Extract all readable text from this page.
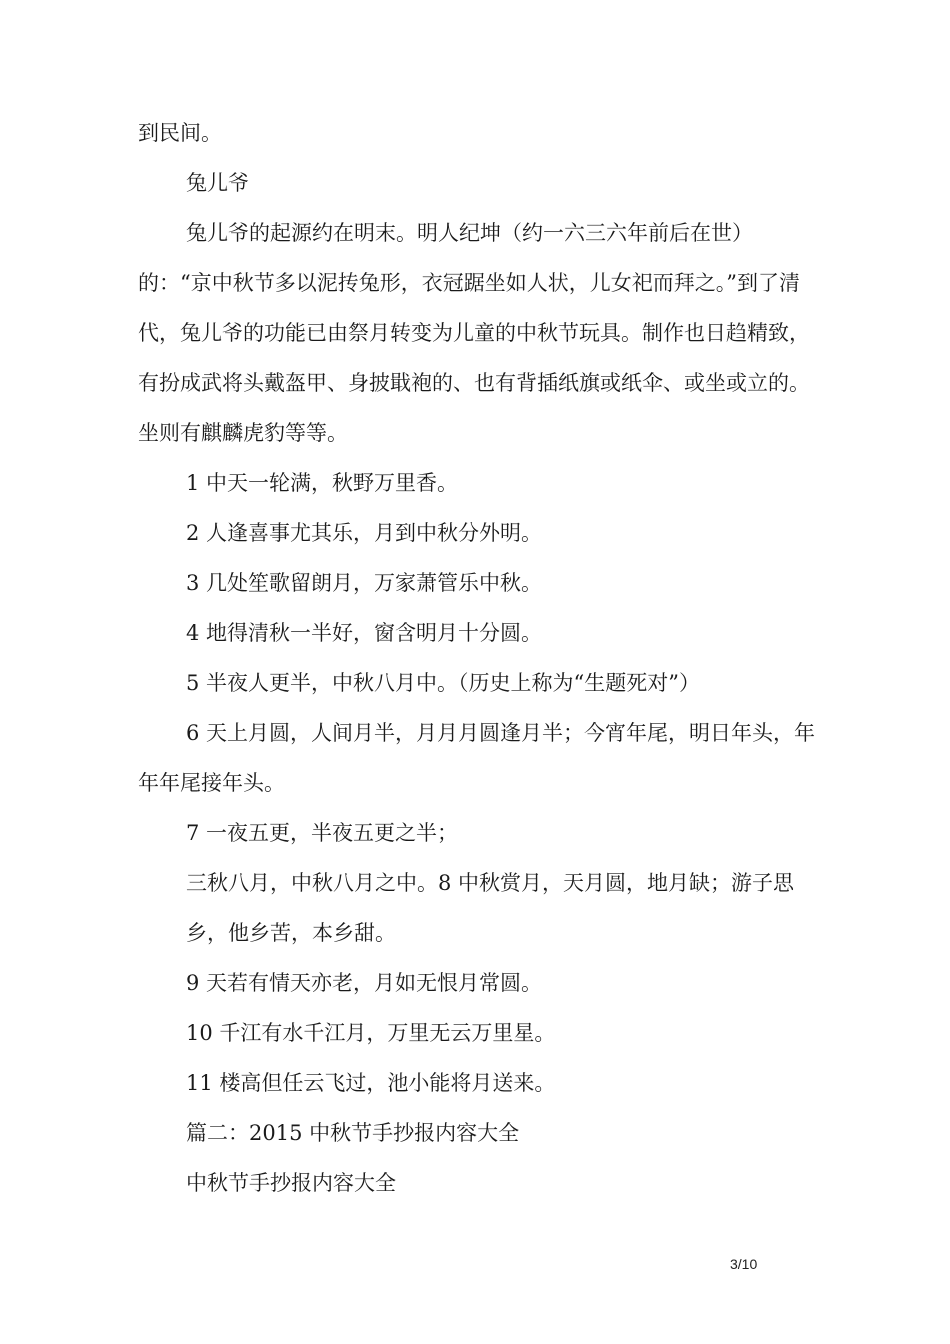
到民间。

兔儿爷

兔儿爷的起源约在明末。明人纪坤（约一六三六年前后在世）的：“京中秋节多以泥抟兔形，衣冠踞坐如人状，儿女祀而拜之。”到了清代，兔儿爷的功能已由祭月转变为儿童的中秋节玩具。制作也日趋精致，有扮成武将头戴盔甲、身披戢袍的、也有背插纸旗或纸伞、或坐或立的。坐则有麒麟虎豹等等。

1 中天一轮满，秋野万里香。

2 人逢喜事尤其乐，月到中秋分外明。

3 几处笙歌留朗月，万家萧管乐中秋。

4 地得清秋一半好，窗含明月十分圆。

5 半夜人更半，中秋八月中。（历史上称为“生题死对”）

6 天上月圆，人间月半，月月月圆逢月半；今宵年尾，明日年头，年年年尾接年头。

7 一夜五更，半夜五更之半；

三秋八月，中秋八月之中。8 中秋赏月，天月圆，地月缺；游子思乡，他乡苦，本乡甜。

9 天若有情天亦老，月如无恨月常圆。

10 千江有水千江月，万里无云万里星。

11 楼高但任云飞过，池小能将月送来。

篇二：2015 中秋节手抄报内容大全

中秋节手抄报内容大全

3/10
